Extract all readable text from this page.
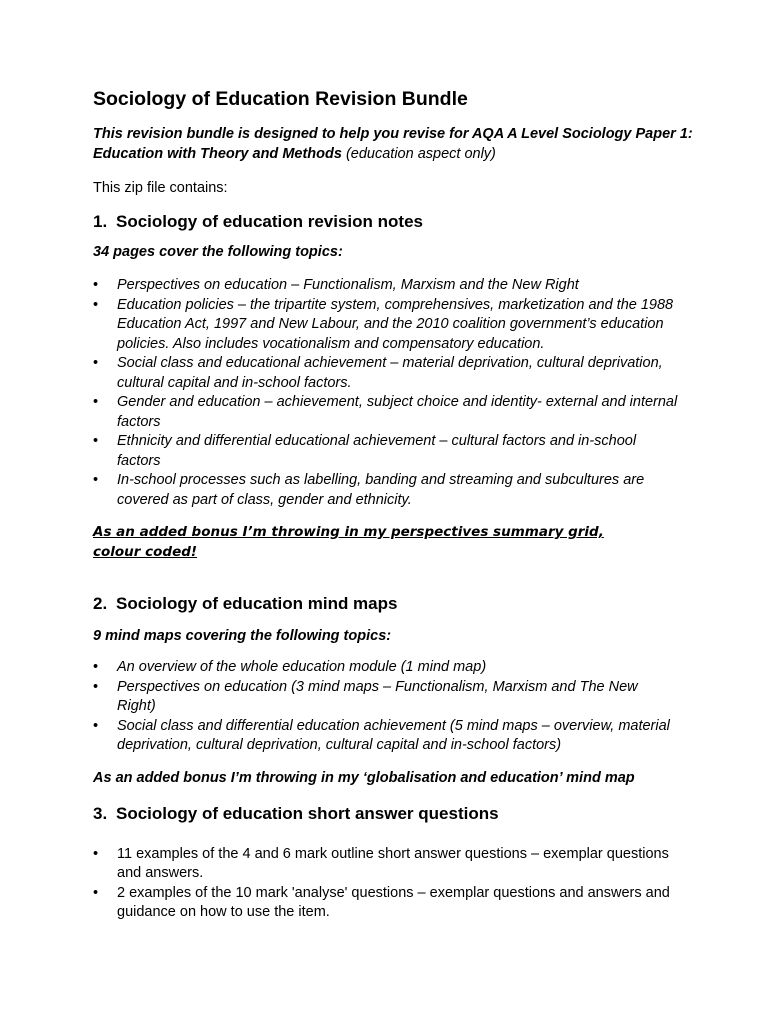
Sociology of Education Revision Bundle

This revision bundle is designed to help you revise for AQA A Level Sociology Paper 1: Education with Theory and Methods (education aspect only)

This zip file contains:

1. Sociology of education revision notes

34 pages cover the following topics:

• Perspectives on education – Functionalism, Marxism and the New Right
• Education policies – the tripartite system, comprehensives, marketization and the 1988 Education Act, 1997 and New Labour, and the 2010 coalition government’s education policies. Also includes vocationalism and compensatory education.
• Social class and educational achievement – material deprivation, cultural deprivation, cultural capital and in-school factors.
• Gender and education – achievement, subject choice and identity- external and internal factors
• Ethnicity and differential educational achievement – cultural factors and in-school factors
• In-school processes such as labelling, banding and streaming and subcultures are covered as part of class, gender and ethnicity.

As an added bonus I’m throwing in my perspectives summary grid, colour coded!

2. Sociology of education mind maps

9 mind maps covering the following topics:

• An overview of the whole education module (1 mind map)
• Perspectives on education (3 mind maps – Functionalism, Marxism and The New Right)
• Social class and differential education achievement (5 mind maps – overview, material deprivation, cultural deprivation, cultural capital and in-school factors)

As an added bonus I’m throwing in my ‘globalisation and education’ mind map

3. Sociology of education short answer questions
• 11 examples of the 4 and 6 mark outline short answer questions – exemplar questions and answers.
• 2 examples of the 10 mark 'analyse' questions – exemplar questions and answers and guidance on how to use the item.
